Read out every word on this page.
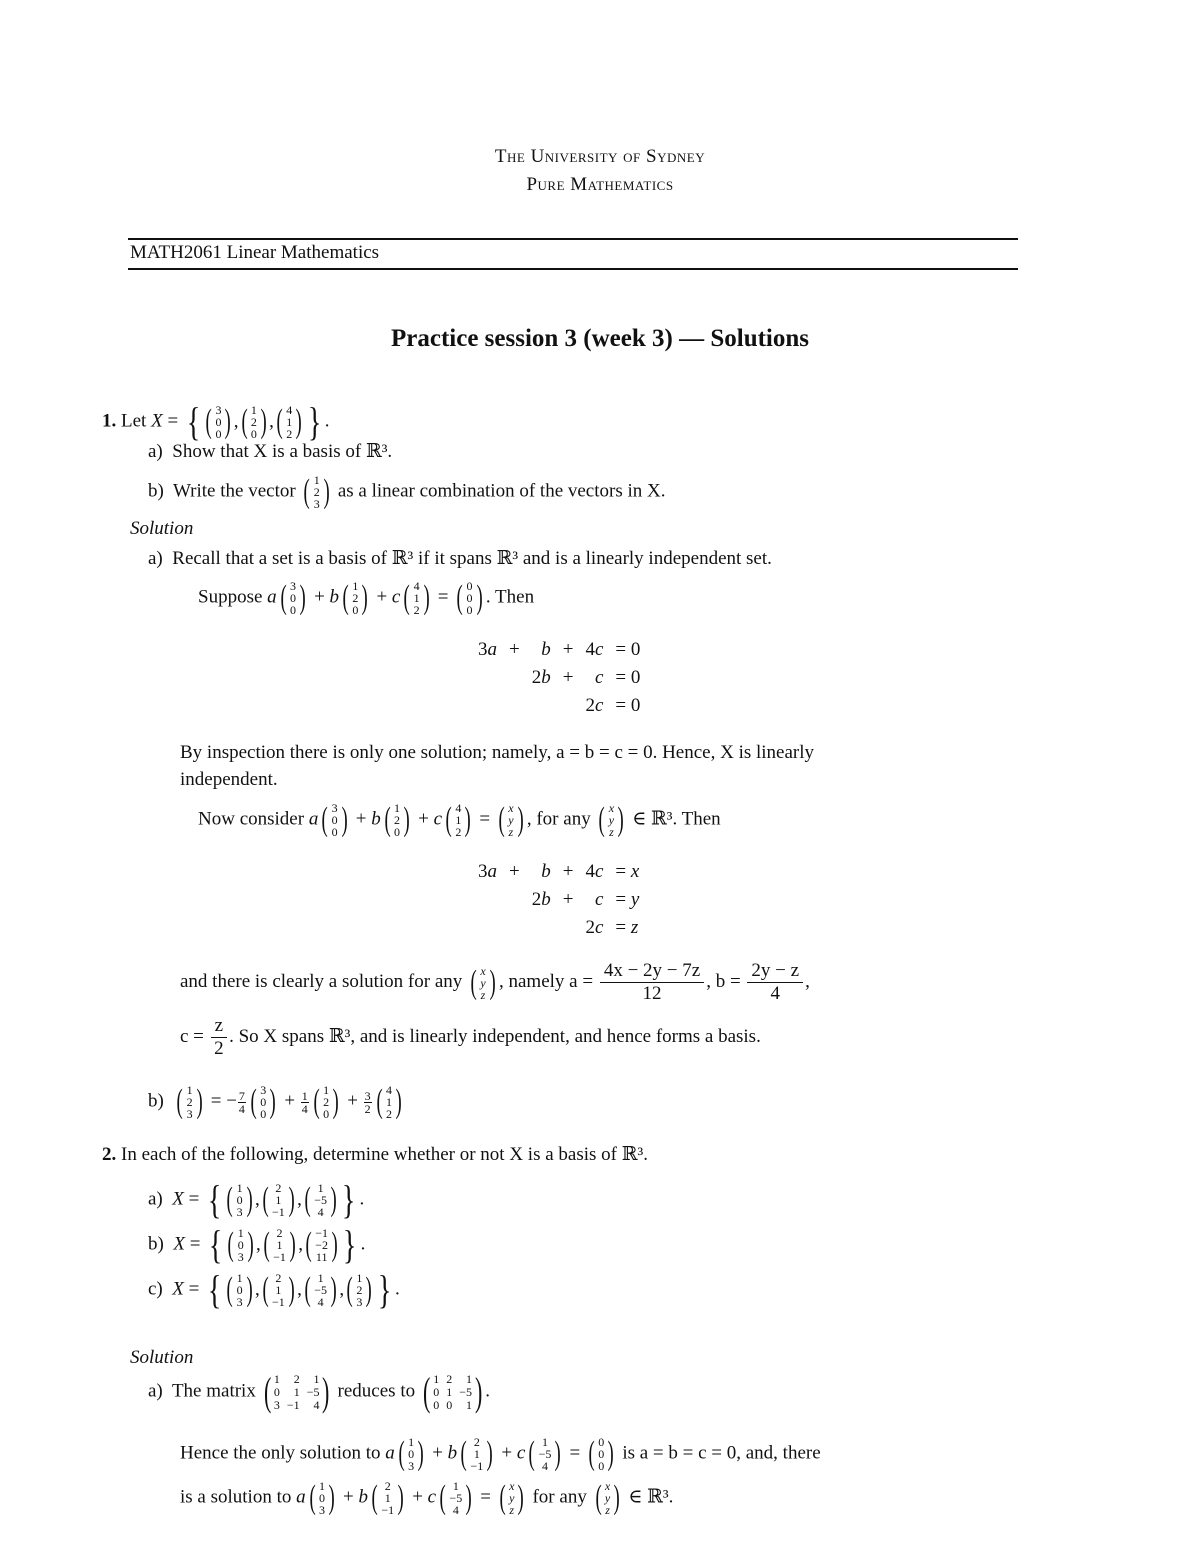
The University of Sydney
Pure Mathematics
MATH2061 Linear Mathematics
Practice session 3 (week 3) — Solutions
1. Let X = { ( 3
0
0 ) , ( 1
2
0 ) , ( 4
1
2 ) } .
a) Show that X is a basis of ℝ³.
b) Write the vector ( 1
2
3 ) as a linear combination of the vectors in X.
Solution
a) Recall that a set is a basis of ℝ³ if it spans ℝ³ and is a linearly independent set.
Suppose a ( 3
0
0 ) + b ( 1
2
0 ) + c ( 4
1
2 ) = ( 0
0
0 ) . Then
3a	+	b	+	4c	= 0
		2b	+	c	= 0
				2c	= 0
By inspection there is only one solution; namely, a = b = c = 0. Hence, X is linearly
independent.
Now consider a ( 3
0
0 ) + b ( 1
2
0 ) + c ( 4
1
2 ) = ( x
y
z ) , for any ( x
y
z ) ∈ ℝ³. Then
3a	+	b	+	4c	= x
		2b	+	c	= y
				2c	= z
and there is clearly a solution for any ( x
y
z ) , namely $a = \frac{4x - 2y - 7z}{12}$ , $b = \frac{2y - z}{4}$ ,
$c = \frac{z}{2}$ . So X spans ℝ³, and is linearly independent, and hence forms a basis.
b) ( 1
2
3 ) = − $\frac{7}{4}$ ( 3
0
0 ) + $\frac{1}{4}$ ( 1
2
0 ) + $\frac{3}{2}$ ( 4
1
2 )
2. In each of the following, determine whether or not X is a basis of ℝ³.
a) X = { ( 1
0
3 ) , ( 2
1
−1 ) , ( 1
−5
4 ) } .
b) X = { ( 1
0
3 ) , ( 2
1
−1 ) , ( −1
−2
11 ) } .
c) X = { ( 1
0
3 ) , ( 2
1
−1 ) , ( 1
−5
4 ) , ( 1
2
3 ) } .
Solution
a) The matrix ( 1	2	1
0	1 −5
3 −1	4 ) reduces to ( 1 2	1
0 1 −5
0 0	1 ) .
Hence the only solution to a ( 1
0
3 ) + b ( 2
1
−1 ) + c ( 1
−5
4 ) = ( 0
0
0 ) is a = b = c = 0, and, there
is a solution to a ( 1
0
3 ) + b ( 2
1
−1 ) + c ( 1
−5
4 ) = ( x
y
z ) for any ( x
y
z ) ∈ ℝ³.
